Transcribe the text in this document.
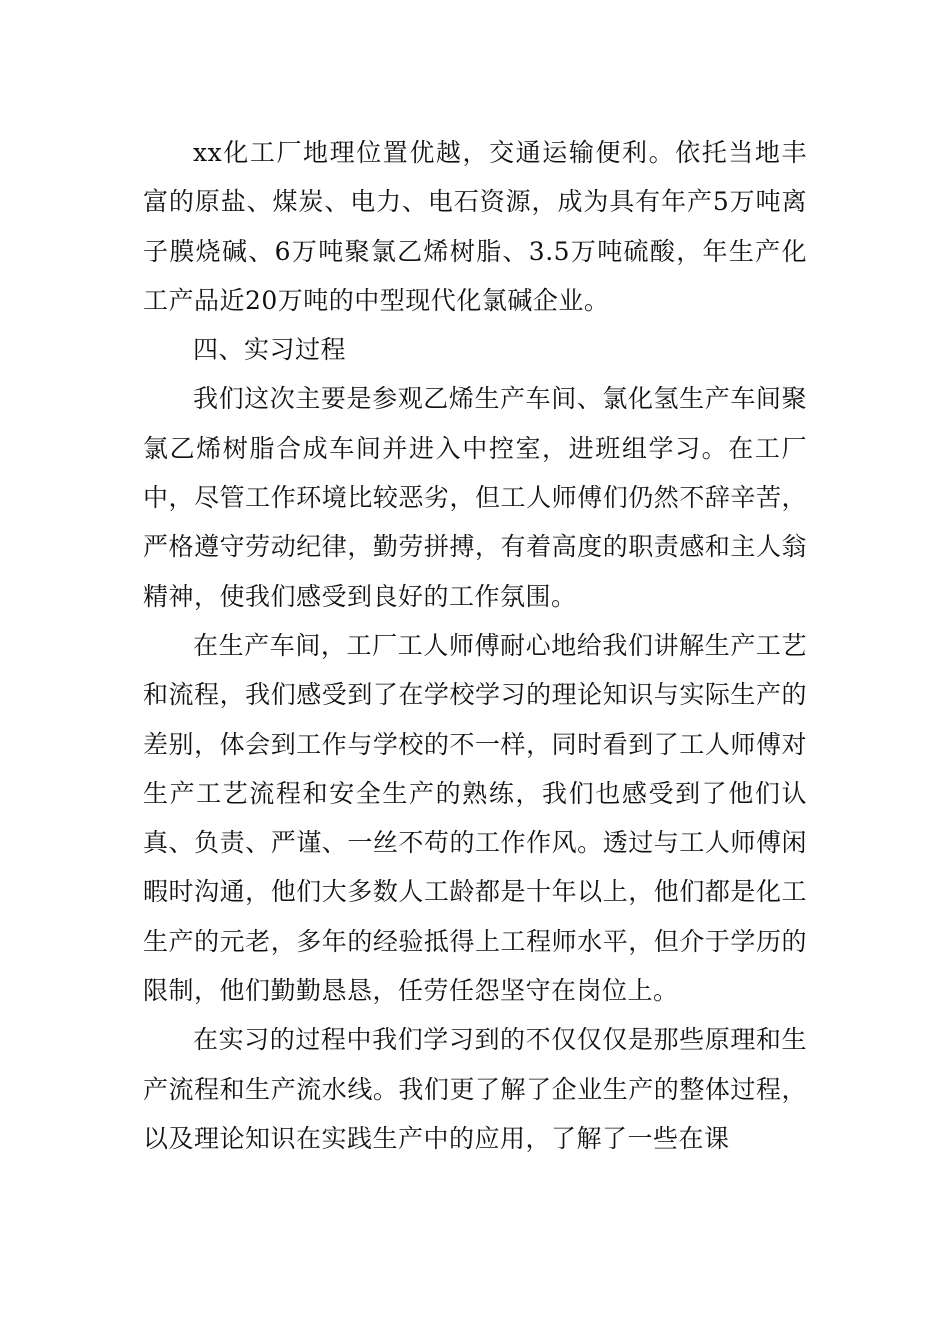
xx化工厂地理位置优越，交通运输便利。依托当地丰富的原盐、煤炭、电力、电石资源，成为具有年产5万吨离子膜烧碱、6万吨聚氯乙烯树脂、3.5万吨硫酸，年生产化工产品近20万吨的中型现代化氯碱企业。

四、实习过程

我们这次主要是参观乙烯生产车间、氯化氢生产车间聚氯乙烯树脂合成车间并进入中控室，进班组学习。在工厂中，尽管工作环境比较恶劣，但工人师傅们仍然不辞辛苦，严格遵守劳动纪律，勤劳拼搏，有着高度的职责感和主人翁精神，使我们感受到良好的工作氛围。

在生产车间，工厂工人师傅耐心地给我们讲解生产工艺和流程，我们感受到了在学校学习的理论知识与实际生产的差别，体会到工作与学校的不一样，同时看到了工人师傅对生产工艺流程和安全生产的熟练，我们也感受到了他们认真、负责、严谨、一丝不苟的工作作风。透过与工人师傅闲暇时沟通，他们大多数人工龄都是十年以上，他们都是化工生产的元老，多年的经验抵得上工程师水平，但介于学历的限制，他们勤勤恳恳，任劳任怨坚守在岗位上。

在实习的过程中我们学习到的不仅仅仅是那些原理和生产流程和生产流水线。我们更了解了企业生产的整体过程，以及理论知识在实践生产中的应用，了解了一些在课
